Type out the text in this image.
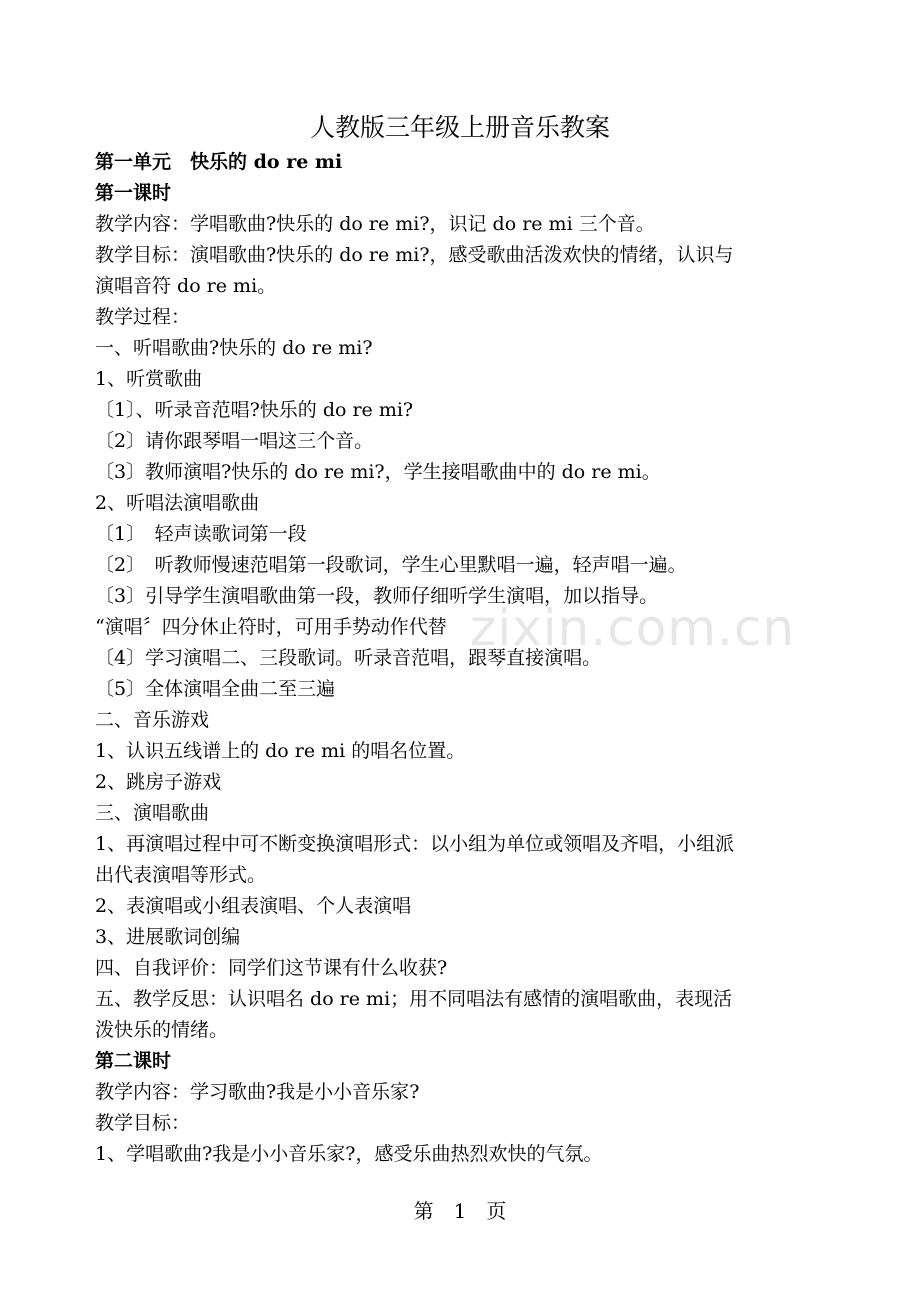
zixin.com.cn
人教版三年级上册音乐教案
第一单元　快乐的 do re mi
第一课时
教学内容：学唱歌曲?快乐的 do re mi?，识记 do re mi 三个音。
教学目标：演唱歌曲?快乐的 do re mi?，感受歌曲活泼欢快的情绪，认识与
演唱音符 do re mi。
教学过程：
一、听唱歌曲?快乐的 do re mi?
1、听赏歌曲
〔1〕、听录音范唱?快乐的 do re mi?
〔2〕请你跟琴唱一唱这三个音。
〔3〕教师演唱?快乐的 do re mi?，学生接唱歌曲中的 do re mi。
2、听唱法演唱歌曲
〔1〕　轻声读歌词第一段
〔2〕　听教师慢速范唱第一段歌词，学生心里默唱一遍，轻声唱一遍。
〔3〕引导学生演唱歌曲第一段，教师仔细听学生演唱，加以指导。
“演唱〞四分休止符时，可用手势动作代替
〔4〕学习演唱二、三段歌词。听录音范唱，跟琴直接演唱。
〔5〕全体演唱全曲二至三遍
二、音乐游戏
1、认识五线谱上的 do re mi 的唱名位置。
2、跳房子游戏
三、演唱歌曲
1、再演唱过程中可不断变换演唱形式：以小组为单位或领唱及齐唱，小组派
出代表演唱等形式。
2、表演唱或小组表演唱、个人表演唱
3、进展歌词创编
四、自我评价：同学们这节课有什么收获?
五、教学反思：认识唱名 do re mi；用不同唱法有感情的演唱歌曲，表现活
泼快乐的情绪。
第二课时
教学内容：学习歌曲?我是小小音乐家?
教学目标：
1、学唱歌曲?我是小小音乐家?，感受乐曲热烈欢快的气氛。
第　1　页
